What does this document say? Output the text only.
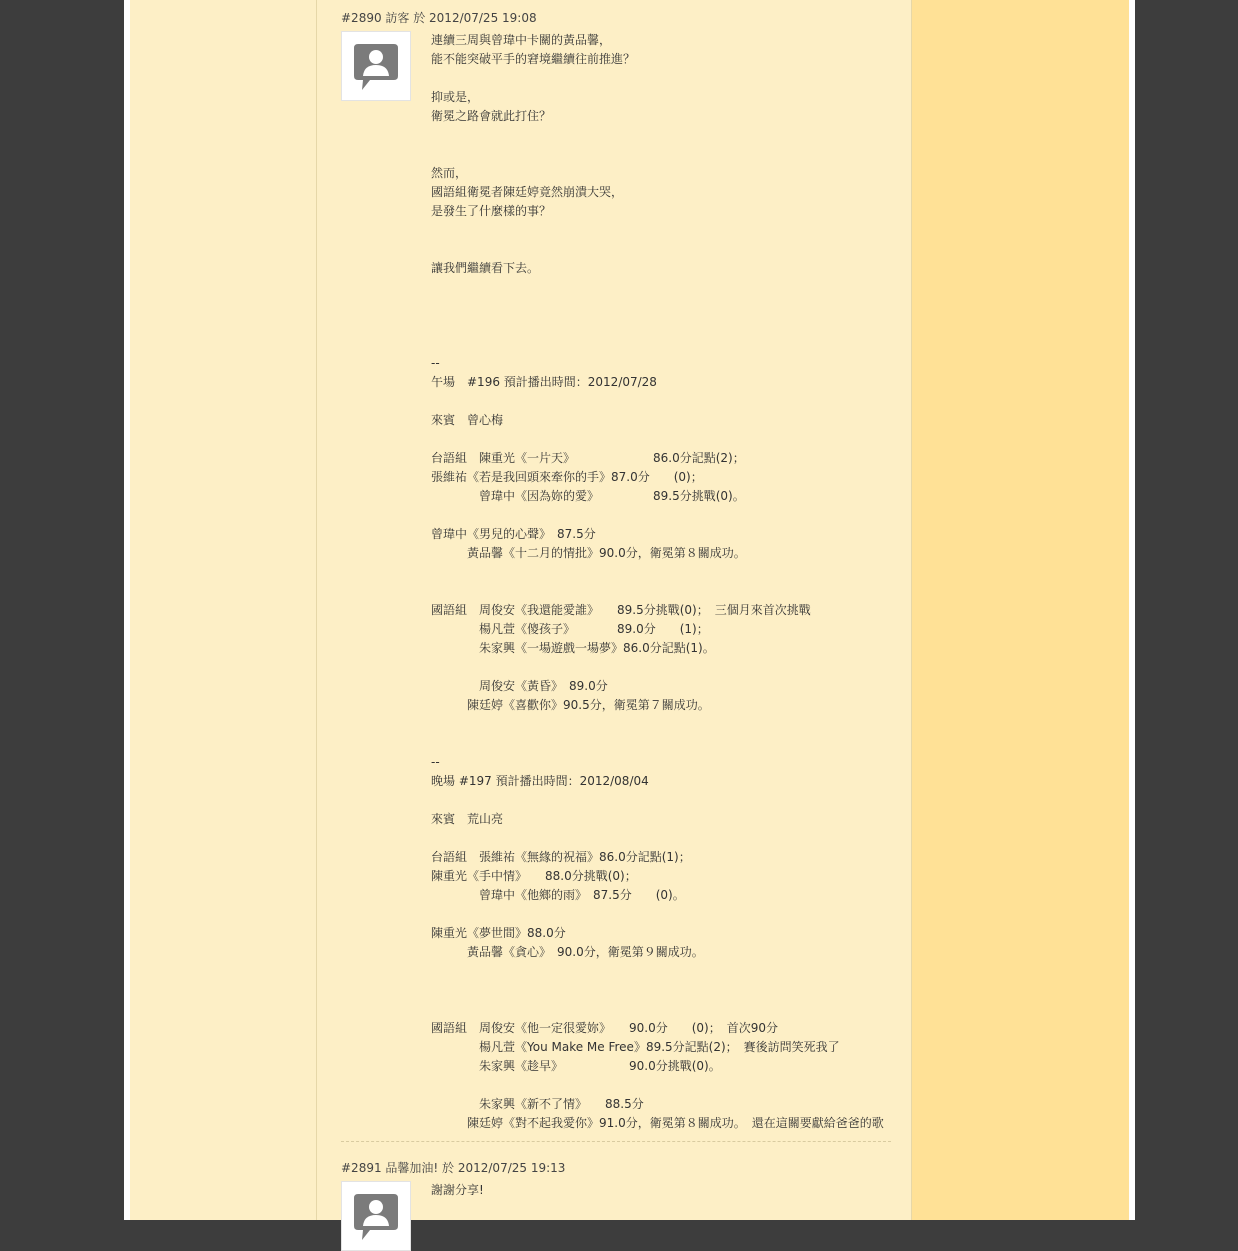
#2890 訪客 於 2012/07/25 19:08
連續三周與曾瑋中卡關的黃品馨，
能不能突破平手的窘境繼續往前推進？

抑或是，
衛冕之路會就此打住？

然而，
國語組衛冕者陳廷婷竟然崩潰大哭，
是發生了什麼樣的事？

讓我們繼續看下去。

--
午場　#196 預計播出時間：2012/07/28

來賓　曾心梅

台語組　陳重光《一片天》　　　　　　　86.0分記點(2)；
張維祐《若是我回頭來牽你的手》87.0分　　(0)；
　　　　曾瑋中《因為妳的愛》　　　　　89.5分挑戰(0)。

曾瑋中《男兒的心聲》　87.5分
　　　黃品馨《十二月的情批》90.0分，衛冕第８關成功。

國語組　周俊安《我還能愛誰》　　89.5分挑戰(0)；　三個月來首次挑戰
　　　　楊凡萱《傻孩子》　　　　89.0分　　(1)；
　　　　朱家興《一場遊戲一場夢》86.0分記點(1)。

　　　　周俊安《黃昏》　89.0分
　　　陳廷婷《喜歡你》90.5分，衛冕第７關成功。

--
晚場 #197 預計播出時間：2012/08/04

來賓　荒山亮

台語組　張維祐《無緣的祝福》86.0分記點(1)；
陳重光《手中情》　　88.0分挑戰(0)；
　　　　曾瑋中《他鄉的雨》　87.5分　　(0)。

陳重光《夢世間》88.0分
　　　黃品馨《貪心》　90.0分，衛冕第９關成功。

國語組　周俊安《他一定很愛妳》　　90.0分　　(0)；　首次90分
　　　　楊凡萱《You Make Me Free》89.5分記點(2)；　賽後訪問笑死我了
　　　　朱家興《趁早》　　　　　　90.0分挑戰(0)。

　　　　朱家興《新不了情》　　88.5分
　　　陳廷婷《對不起我愛你》91.0分，衛冕第８關成功。　還在這關要獻給爸爸的歌
#2891 品馨加油! 於 2012/07/25 19:13
謝謝分享!
